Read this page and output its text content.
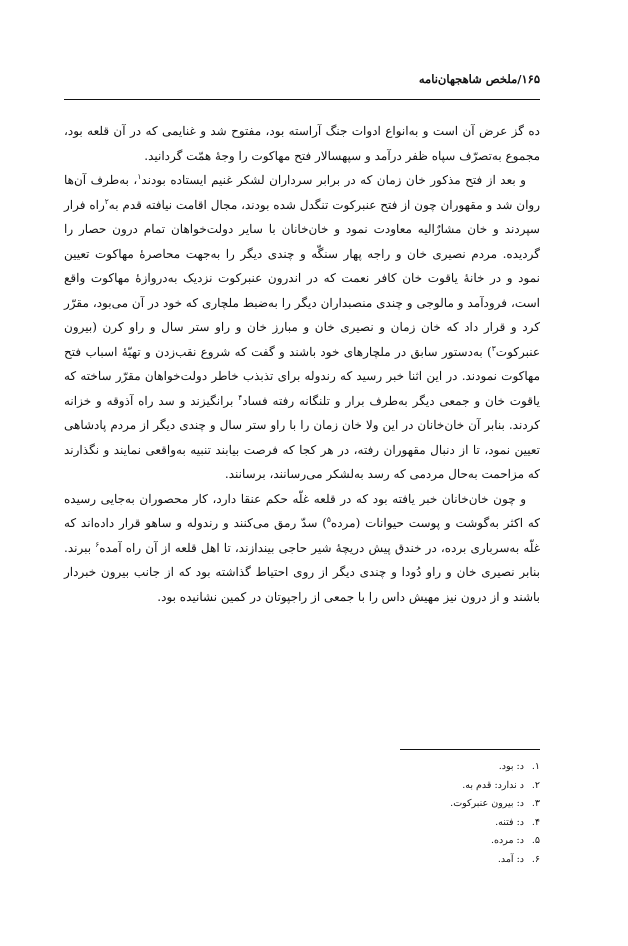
۱۶۵/ملخص شاهجهان‌نامه

ده گز عرض آن است و به‌انواع ادوات جنگ آراسته بود، مفتوح شد و غنایمی که در آن قلعه بود، مجموع به‌تصرّف سپاه ظفر درآمد و سپهسالار فتح مهاکوت را وجهٔ همّت گردانید.

و بعد از فتح مذکور خان زمان که در برابر سرداران لشکر غنیم ایستاده بودند$^۱$، به‌طرف آن‌ها روان شد و مقهوران چون از فتح عنبرکوت تنگدل شده بودند، مجال اقامت نیافته قدم به$^۲$راه فرار سپردند و خان مشارٌالیه معاودت نمود و خان‌خانان با سایر دولت‌خواهان تمام درون حصار را گردیده. مردم نصیری خان و راجه پهار سنگّه و چندی دیگر را به‌جهت محاصرهٔ مهاکوت تعیین نمود و در خانهٔ یاقوت خان کافر نعمت که در اندرون عنبرکوت نزدیک به‌دروازهٔ مهاکوت واقع است، فرودآمد و مالوجی و چندی منصبداران دیگر را به‌ضبط ملچاری که خود در آن می‌بود، مقرّر کرد و قرار داد که خان زمان و نصیری خان و مبارز خان و راو ستر سال و راو کرن (بیرون عنبرکوت$^۳$) به‌دستور سابق در ملچارهای خود باشند و گفت که شروع نقب‌زدن و تهیّهٔ اسباب فتح مهاکوت نمودند. در این اثنا خبر رسید که رندوله برای تذبذب خاطر دولت‌خواهان مقرّر ساخته که یاقوت خان و جمعی دیگر به‌طرف برار و تلنگانه رفته فساد$^۴$ برانگیزند و سد راه آذوقه و خزانه کردند. بنابر آن خان‌خانان در این ولا خان زمان را با راو ستر سال و چندی دیگر از مردم پادشاهی تعیین نمود، تا از دنبال مقهوران رفته، در هر کجا که فرصت بیابند تنبیه به‌واقعی نمایند و نگذارند که مزاحمت به‌حال مردمی که رسد به‌لشکر می‌رسانند، برسانند.

و چون خان‌خانان خبر یافته بود که در قلعه غلّه حکم عنقا دارد، کار محصوران به‌جایی رسیده که اکثر به‌گوشت و پوست حیوانات (مرده$^۵$) سدّ رمق می‌کنند و رندوله و ساهو قرار داده‌اند که غلّه به‌سرباری برده، در خندق پیش دریچهٔ شیر حاجی بیندازند، تا اهل قلعه از آن راه آمده$^۶$ ببرند. بنابر نصیری خان و راو دُودا و چندی دیگر از روی احتیاط گذاشته بود که از جانب بیرون خبردار باشند و از درون نیز مهیش داس را با جمعی از راجپوتان در کمین نشانیده بود.

۱.
د: بود.
۲.
د ندارد: قدم به.
۳.
د: بیرون عنبرکوت.
۴.
د: فتنه.
۵.
د: مرده.
۶.
د: آمد.
